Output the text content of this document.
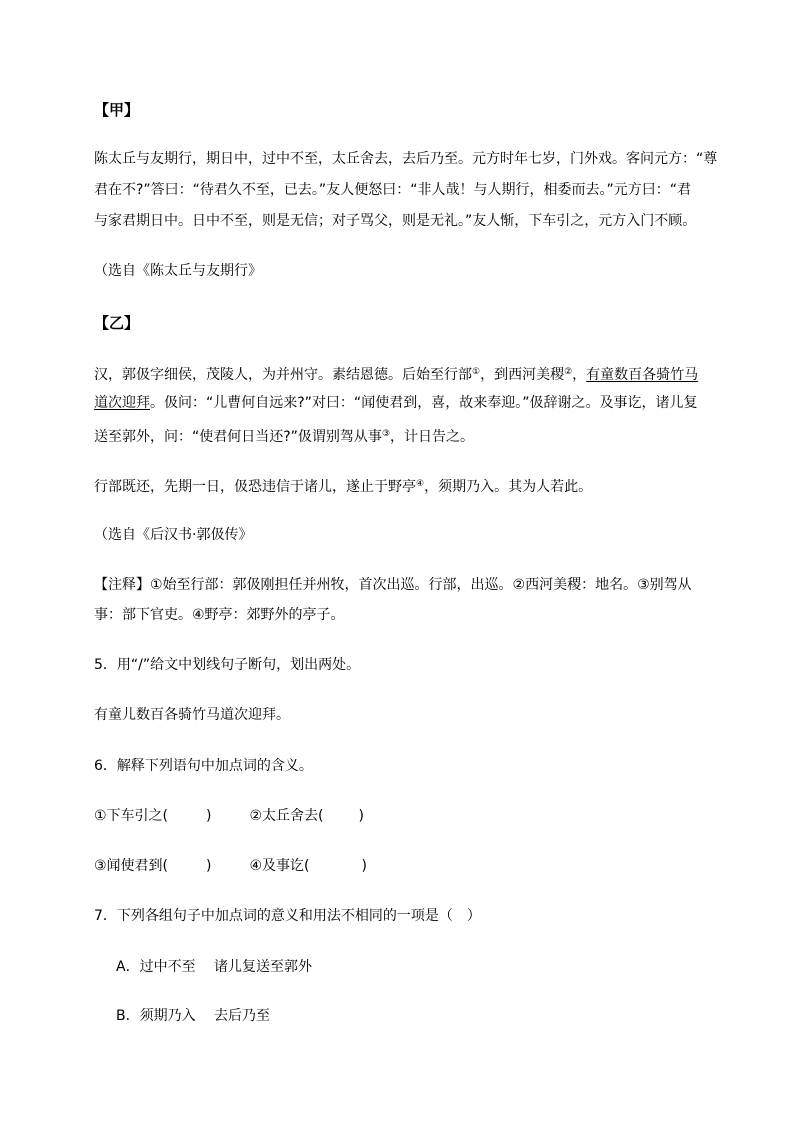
【甲】
陈太丘与友期行，期日中，过中不至，太丘舍去，去后乃至。元方时年七岁，门外戏。客问元方：“尊
君在不?”答曰：“待君久不至，已去。”友人便怒曰：“非人哉！与人期行，相委而去。”元方曰：“君
与家君期日中。日中不至，则是无信；对子骂父，则是无礼。”友人惭，下车引之，元方入门不顾。
（选自《陈太丘与友期行》
【乙】
汉，郭伋字细侯，茂陵人，为并州守。素结恩德。后始至行部①，到西河美稷②，有童数百各骑竹马
道次迎拜。伋问：“儿曹何自远来?”对曰：“闻使君到，喜，故来奉迎。”伋辞谢之。及事讫，诸儿复
送至郭外，问：“使君何日当还?”伋谓别驾从事③，计日告之。
行部既还，先期一日，伋恐违信于诸儿，遂止于野亭④，须期乃入。其为人若此。
（选自《后汉书·郭伋传》
【注释】①始至行部：郭伋刚担任并州牧，首次出巡。行部，出巡。②西河美稷：地名。③别驾从
事：部下官吏。④野亭：郊野外的亭子。
5．用“/”给文中划线句子断句，划出两处。
有童儿数百各骑竹马道次迎拜。
6．解释下列语句中加点词的含义。
①下车引之(	)	②太丘舍去(	)
③闻使君到(	)	④及事讫(	)
7．下列各组句子中加点词的意义和用法不相同的一项是（　）
A．过中不至　 诸儿复送至郭外
B．须期乃入　 去后乃至
